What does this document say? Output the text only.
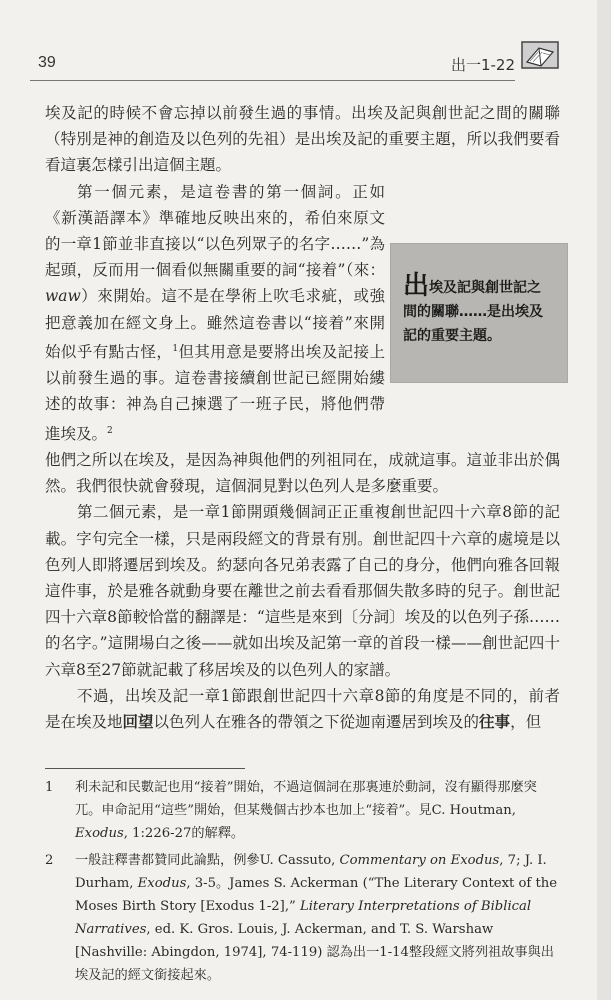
39	出一1-22

埃及記的時候不會忘掉以前發生過的事情。出埃及記與創世記之間的關聯（特別是神的創造及以色列的先祖）是出埃及記的重要主題，所以我們要看看這裏怎樣引出這個主題。

第一個元素，是這卷書的第一個詞。正如《新漢語譯本》準確地反映出來的，希伯來原文的一章1節並非直接以“以色列眾子的名字……”為起頭，反而用一個看似無關重要的詞“接着”（來：waw）來開始。這不是在學術上吹毛求疵，或強把意義加在經文身上。雖然這卷書以“接着”來開始似乎有點古怪，$^1$但其用意是要將出埃及記接上以前發生過的事。這卷書接續創世記已經開始縷述的故事：神為自己揀選了一班子民，將他們帶進埃及。$^2$

他們之所以在埃及，是因為神與他們的列祖同在，成就這事。這並非出於偶然。我們很快就會發現，這個洞見對以色列人是多麼重要。

第二個元素，是一章1節開頭幾個詞正正重複創世記四十六章8節的記載。字句完全一樣，只是兩段經文的背景有別。創世記四十六章的處境是以色列人即將遷居到埃及。約瑟向各兄弟表露了自己的身分，他們向雅各回報這件事，於是雅各就動身要在離世之前去看看那個失散多時的兒子。創世記四十六章8節較恰當的翻譯是：“這些是來到〔分詞〕埃及的以色列子孫……的名字。”這開場白之後——就如出埃及記第一章的首段一樣——創世記四十六章8至27節就記載了移居埃及的以色列人的家譜。

不過，出埃及記一章1節跟創世記四十六章8節的角度是不同的，前者是在埃及地回望以色列人在雅各的帶領之下從迦南遷居到埃及的往事，但

出埃及記與創世記之間的關聯……是出埃及記的重要主題。
1	利未記和民數記也用“接着”開始，不過這個詞在那裏連於動詞，沒有顯得那麼突兀。申命記用“這些”開始，但某幾個古抄本也加上“接着”。見C. Houtman, Exodus, 1:226-27的解釋。
2	一般註釋書都贊同此論點，例參U. Cassuto, Commentary on Exodus, 7; J. I. Durham, Exodus, 3-5。James S. Ackerman (“The Literary Context of the Moses Birth Story [Exodus 1-2],” Literary Interpretations of Biblical Narratives, ed. K. Gros. Louis, J. Ackerman, and T. S. Warshaw [Nashville: Abingdon, 1974], 74-119) 認為出一1-14整段經文將列祖故事與出埃及記的經文銜接起來。
